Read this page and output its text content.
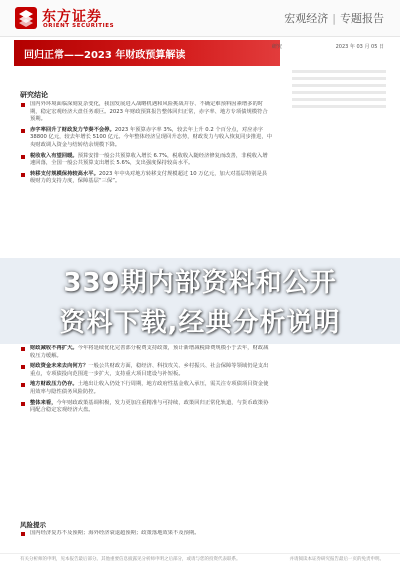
东方证券
ORIENT SECURITIES
宏观经济 | 专题报告
回归正常——2023 年财政预算解读
研究	2023 年 03 月 05 日
研究结论
国内外环境面临深刻复杂变化，我国发展进入战略机遇和风险挑战并存、不确定难预料因素增多的时期，稳定宏观经济大盘任务艰巨。2023 年财政预算报告整体回归正常，赤字率、地方专项债规模符合预期。
赤字率回升了财政发力节奏不会停。2023 年预算赤字率 3%，较去年上升 0.2 个百分点，对应赤字 38800 亿元，较去年增长 5100 亿元。今年整体经济呈现回升态势，财政发力与收入恢复同步推进，中央财政调入资金与结转结余规模下降。
税收收入有望回暖。预算安排一般公共预算收入增长 6.7%，税收收入随经济修复而改善，非税收入增速回落，全国一般公共预算支出增长 5.6%，支出强度保持较高水平。
转移支付规模保持较高水平。2023 年中央对地方转移支付规模超过 10 万亿元，加大对基层特别是县级财力的支持力度，保障基层“三保”。
339期内部资料和公开
资料下载,经典分析说明
财政减收不再扩大。今年将延续优化完善部分税费支持政策，预计新增减税降费规模小于去年，财政减收压力缓解。
财政资金未来去向何方？一般公共财政方面，稳经济、科技攻关、乡村振兴、社会保障等领域仍是支出重点，专项债投向范围进一步扩大，支持重大项目建设与补短板。
地方财政压力仍存。土地出让收入仍处下行周期，地方政府性基金收入承压，需关注专项债项目资金使用效率与隐性债务风险防控。
整体来看，今年财政政策基调积极，发力更加注重精准与可持续，政策回归正常化轨道，与货币政策协同配合稳定宏观经济大盘。
风险提示
国内经济复苏不及预期；海外经济衰退超预期；政策落地效果不及预期。
有关分析师的申明，见本报告最后部分。其他重要信息披露见分析师申明之后部分，或请与您的投资代表联系。	并请阅读本证券研究报告最后一页的免责申明。
